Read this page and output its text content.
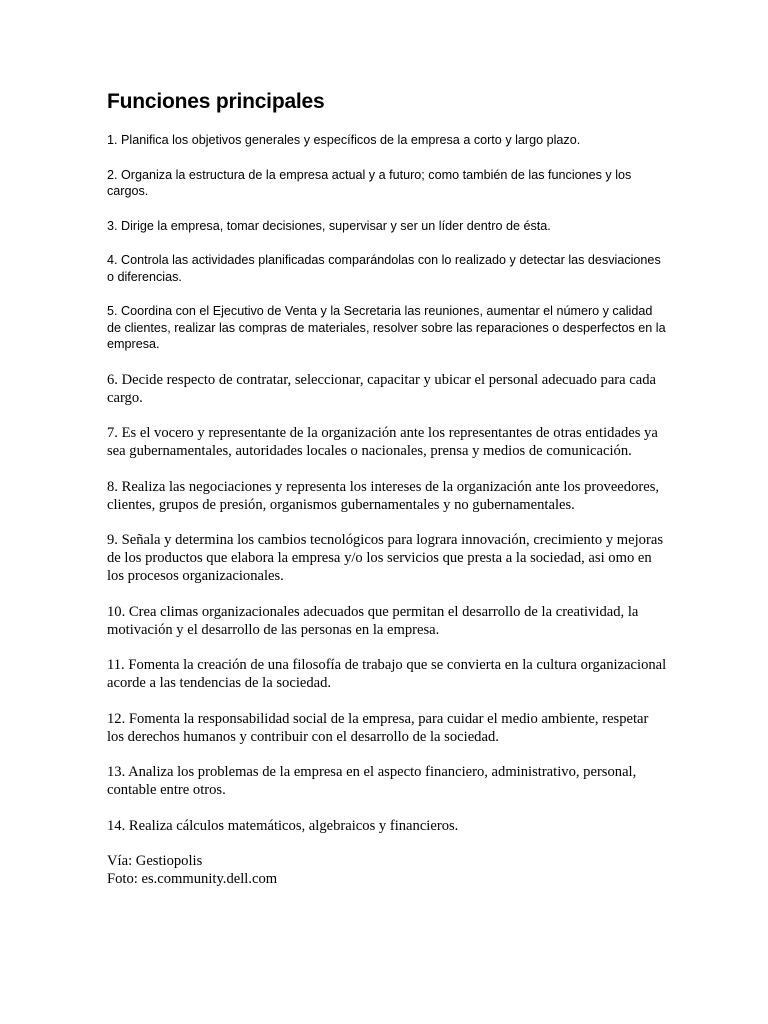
Funciones principales

1. Planifica los objetivos generales y específicos de la empresa a corto y largo plazo.

2. Organiza la estructura de la empresa actual y a futuro; como también de las funciones y los cargos.

3. Dirige la empresa, tomar decisiones, supervisar y ser un líder dentro de ésta.

4. Controla las actividades planificadas comparándolas con lo realizado y detectar las desviaciones o diferencias.

5. Coordina con el Ejecutivo de Venta y la Secretaria las reuniones, aumentar el número y calidad de clientes, realizar las compras de materiales, resolver sobre las reparaciones o desperfectos en la empresa.

6. Decide respecto de contratar, seleccionar, capacitar y ubicar el personal adecuado para cada cargo.

7. Es el vocero y representante de la organización ante los representantes de otras entidades ya sea gubernamentales, autoridades locales o nacionales, prensa y medios de comunicación.

8. Realiza las negociaciones y representa los intereses de la organización ante los proveedores, clientes, grupos de presión, organismos gubernamentales y no gubernamentales.

9. Señala y determina los cambios tecnológicos para lograra innovación, crecimiento y mejoras de los productos que elabora la empresa y/o los servicios que presta a la sociedad, asi omo en los procesos organizacionales.

10. Crea climas organizacionales adecuados que permitan el desarrollo de la creatividad, la motivación y el desarrollo de las personas en la empresa.

11. Fomenta la creación de una filosofía de trabajo que se convierta en la cultura organizacional acorde a las tendencias de la sociedad.

12. Fomenta la responsabilidad social de la empresa, para cuidar el medio ambiente, respetar los derechos humanos y contribuir con el desarrollo de la sociedad.

13. Analiza los problemas de la empresa en el aspecto financiero, administrativo, personal, contable entre otros.

14. Realiza cálculos matemáticos, algebraicos y financieros.

Vía: Gestiopolis
Foto: es.community.dell.com
